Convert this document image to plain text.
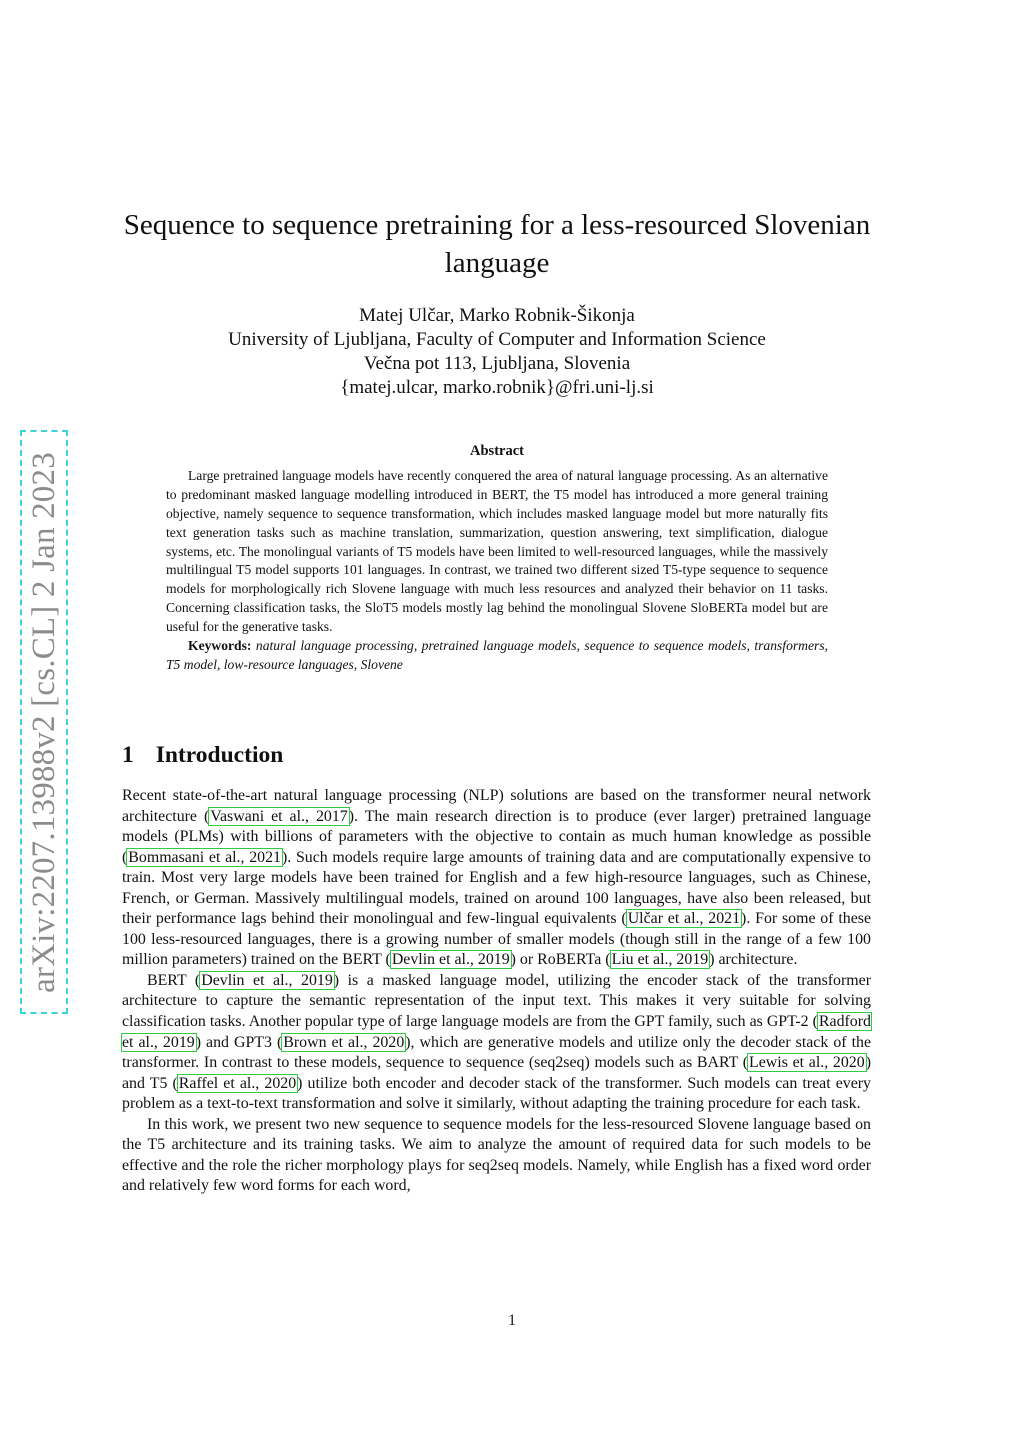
arXiv:2207.13988v2 [cs.CL] 2 Jan 2023
Sequence to sequence pretraining for a less-resourced Slovenian language
Matej Ulčar, Marko Robnik-Šikonja
University of Ljubljana, Faculty of Computer and Information Science
Večna pot 113, Ljubljana, Slovenia
{matej.ulcar, marko.robnik}@fri.uni-lj.si
Abstract

Large pretrained language models have recently conquered the area of natural language processing. As an alternative to predominant masked language modelling introduced in BERT, the T5 model has introduced a more general training objective, namely sequence to sequence transformation, which includes masked language model but more naturally fits text generation tasks such as machine translation, summarization, question answering, text simplification, dialogue systems, etc. The monolingual variants of T5 models have been limited to well-resourced languages, while the massively multilingual T5 model supports 101 languages. In contrast, we trained two different sized T5-type sequence to sequence models for morphologically rich Slovene language with much less resources and analyzed their behavior on 11 tasks. Concerning classification tasks, the SloT5 models mostly lag behind the monolingual Slovene SloBERTa model but are useful for the generative tasks.

Keywords: natural language processing, pretrained language models, sequence to sequence models, transformers, T5 model, low-resource languages, Slovene

1 Introduction

Recent state-of-the-art natural language processing (NLP) solutions are based on the transformer neural network architecture (Vaswani et al., 2017). The main research direction is to produce (ever larger) pretrained language models (PLMs) with billions of parameters with the objective to contain as much human knowledge as possible (Bommasani et al., 2021). Such models require large amounts of training data and are computationally expensive to train. Most very large models have been trained for English and a few high-resource languages, such as Chinese, French, or German. Massively multilingual models, trained on around 100 languages, have also been released, but their performance lags behind their monolingual and few-lingual equivalents (Ulčar et al., 2021). For some of these 100 less-resourced languages, there is a growing number of smaller models (though still in the range of a few 100 million parameters) trained on the BERT (Devlin et al., 2019) or RoBERTa (Liu et al., 2019) architecture.

BERT (Devlin et al., 2019) is a masked language model, utilizing the encoder stack of the transformer architecture to capture the semantic representation of the input text. This makes it very suitable for solving classification tasks. Another popular type of large language models are from the GPT family, such as GPT-2 (Radford et al., 2019) and GPT3 (Brown et al., 2020), which are generative models and utilize only the decoder stack of the transformer. In contrast to these models, sequence to sequence (seq2seq) models such as BART (Lewis et al., 2020) and T5 (Raffel et al., 2020) utilize both encoder and decoder stack of the transformer. Such models can treat every problem as a text-to-text transformation and solve it similarly, without adapting the training procedure for each task.

In this work, we present two new sequence to sequence models for the less-resourced Slovene language based on the T5 architecture and its training tasks. We aim to analyze the amount of required data for such models to be effective and the role the richer morphology plays for seq2seq models. Namely, while English has a fixed word order and relatively few word forms for each word,

1
